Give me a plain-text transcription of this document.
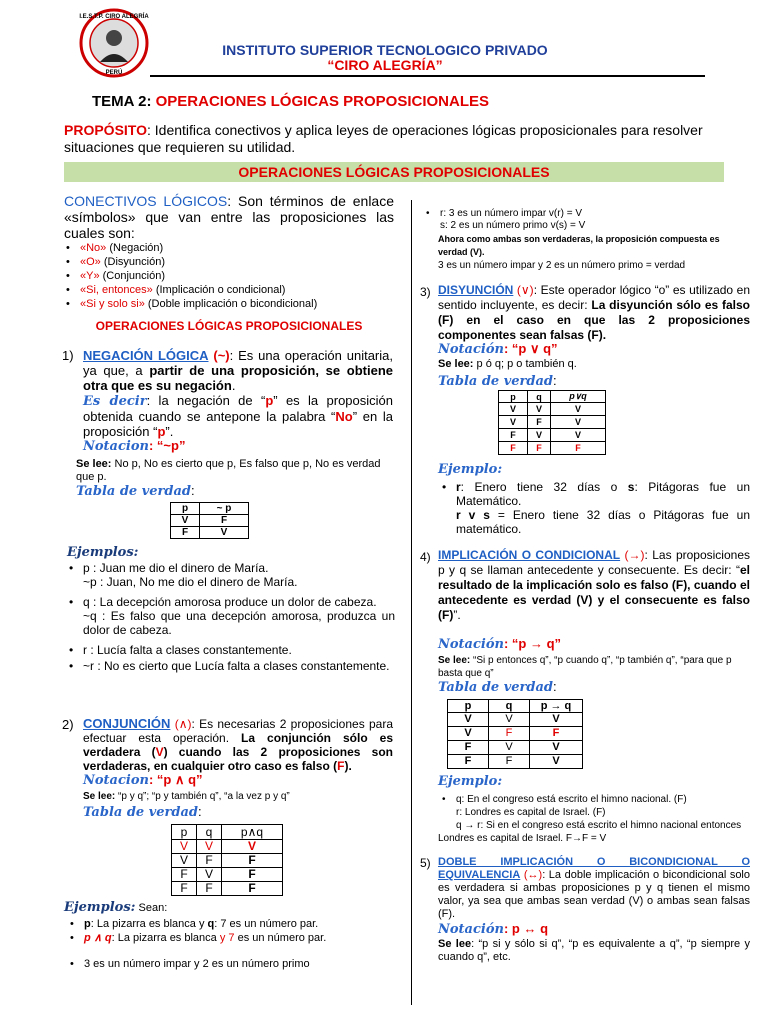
I.E.S.T.P. CIRO ALEGRÍA
PERÚ
INSTITUTO SUPERIOR TECNOLOGICO PRIVADO
“CIRO ALEGRÍA”
TEMA 2: OPERACIONES LÓGICAS PROPOSICIONALES
PROPÓSITO: Identifica conectivos y aplica leyes de operaciones lógicas proposicionales para resolver situaciones que requieren su utilidad.
OPERACIONES LÓGICAS PROPOSICIONALES
CONECTIVOS LÓGICOS: Son términos de enlace «símbolos» que van entre las proposiciones las cuales son:
• «No» (Negación)
• «O» (Disyunción)
• «Y» (Conjunción)
• «Si, entonces» (Implicación o condicional)
• «Si y solo si» (Doble implicación o bicondicional)
OPERACIONES LÓGICAS PROPOSICIONALES
1) NEGACIÓN LÓGICA (~): Es una operación unitaria, ya que, a partir de una proposición, se obtiene otra que es su negación.
Es decir: la negación de “p” es la proposición obtenida cuando se antepone la palabra “No” en la proposición “p”.
Notacion: “~p”
Se lee: No p, No es cierto que p, Es falso que p, No es verdad que p.
Tabla de verdad:
p	~ p
V	F
F	V
Ejemplos:
• p : Juan me dio el dinero de María.
~p : Juan, No me dio el dinero de María.
• q : La decepción amorosa produce un dolor de cabeza.
~q : Es falso que una decepción amorosa, produzca un dolor de cabeza.
• r : Lucía falta a clases constantemente.
• ~r : No es cierto que Lucía falta a clases constantemente.
2) CONJUNCIÓN (∧): Es necesarias 2 proposiciones para efectuar esta operación. La conjunción sólo es verdadera (V) cuando las 2 proposiciones son verdaderas, en cualquier otro caso es falso (F).
Notacion: “p ∧ q”
Se lee: “p y q”; “p y también q”, “a la vez p y q”
Tabla de verdad:
p	q	p∧q
V	V	V
V	F	F
F	V	F
F	F	F
Ejemplos: Sean:
• p: La pizarra es blanca y q: 7 es un número par.
• p ∧ q: La pizarra es blanca y 7 es un número par.
• 3 es un número impar y 2 es un número primo
• r: 3 es un número impar v(r) = V
s: 2 es un número primo v(s) = V
Ahora como ambas son verdaderas, la proposición compuesta es verdad (V).
3 es un número impar y 2 es un número primo = verdad
3) DISYUNCIÓN (∨): Este operador lógico “o” es utilizado en sentido incluyente, es decir: La disyunción sólo es falso (F) en el caso en que las 2 proposiciones componentes sean falsas (F).
Notación: “p ∨ q”
Se lee: p ó q; p o también q.
Tabla de verdad:
p	q	p∨q
V	V	V
V	F	V
F	V	V
F	F	F
Ejemplo:
• r: Enero tiene 32 días o s: Pitágoras fue un Matemático.
r v s = Enero tiene 32 días o Pitágoras fue un matemático.
4) IMPLICACIÓN O CONDICIONAL (→): Las proposiciones p y q se llaman antecedente y consecuente. Es decir: “el resultado de la implicación solo es falso (F), cuando el antecedente es verdad (V) y el consecuente es falso (F)”.
Notación: “p → q”
Se lee: “Si p entonces q”, “p cuando q”, “p también q”, “para que p basta que q”
Tabla de verdad:
p	q	p → q
V	V	V
V	F	F
F	V	V
F	F	V
Ejemplo:
• q: En el congreso está escrito el himno nacional. (F)
r: Londres es capital de Israel. (F)
q → r: Si en el congreso está escrito el himno nacional entonces Londres es capital de Israel. F→F = V
5) DOBLE IMPLICACIÓN O BICONDICIONAL O EQUIVALENCIA (↔): La doble implicación o bicondicional solo es verdadera si ambas proposiciones p y q tienen el mismo valor, ya sea que ambas sean verdad (V) o ambas sean falsas (F).
Notación: p ↔ q
Se lee: “p si y sólo si q”, “p es equivalente a q”, “p siempre y cuando q”, etc.
